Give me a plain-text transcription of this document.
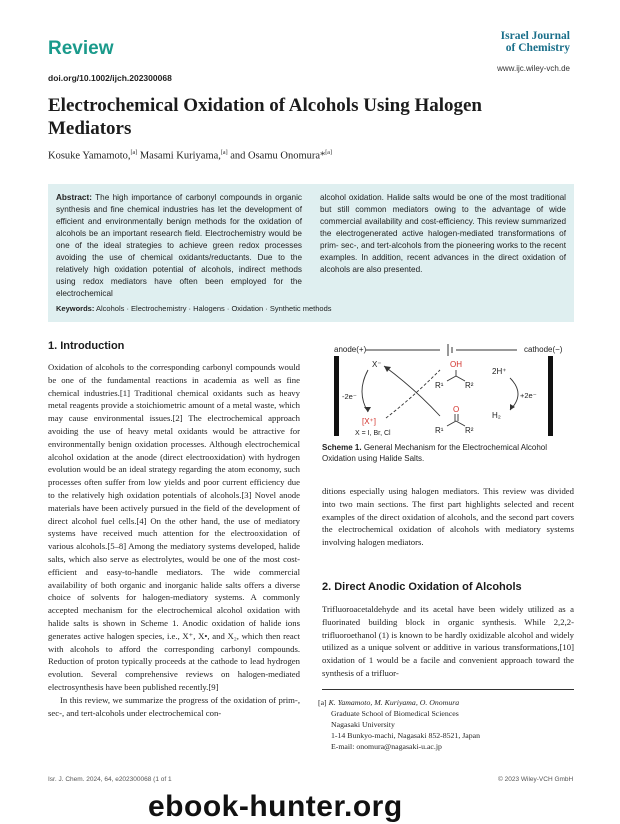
Review
Israel Journal
of Chemistry
doi.org/10.1002/ijch.202300068
www.ijc.wiley-vch.de
Electrochemical Oxidation of Alcohols Using Halogen Mediators
Kosuke Yamamoto,[a] Masami Kuriyama,[a] and Osamu Onomura*[a]
Abstract: The high importance of carbonyl compounds in organic synthesis and fine chemical industries has let the development of efficient and environmentally benign methods for the oxidation of alcohols be an important research field. Electrochemistry would be one of the ideal strategies to achieve green redox processes avoiding the use of chemical oxidants/reductants. Due to the relatively high oxidation potential of alcohols, indirect methods using redox mediators have often been employed for the electrochemical
alcohol oxidation. Halide salts would be one of the most traditional but still common mediators owing to the advantage of wide commercial availability and cost-efficiency. This review summarized the electrogenerated active halogen-mediated transformations of prim- sec-, and tert-alcohols from the pioneering works to the recent examples. In addition, recent advances in the direct oxidation of alcohols are also presented.
Keywords: Alcohols · Electrochemistry · Halogens · Oxidation · Synthetic methods
1. Introduction

Oxidation of alcohols to the corresponding carbonyl compounds would be one of the fundamental reactions in academia as well as fine chemical industries.[1] Traditional chemical oxidants such as heavy metal reagents provide a stoichiometric amount of a metal waste, which may cause environmental issues.[2] The electrochemical approach avoiding the use of heavy metal oxidants would be attractive for environmentally benign oxidation processes. Although electrochemical alcohol oxidation at the anode (direct electrooxidation) with hydrogen evolution would be an ideal strategy regarding the atom economy, such processes often suffer from low yields and poor current efficiency due to the relatively high oxidation potentials of alcohols.[3] Novel anode materials have been actively pursued in the field of the development of direct alcohol fuel cells.[4] On the other hand, the use of mediatory systems have received much attention for the electrooxidation of various alcohols.[5–8] Among the mediatory systems developed, halide salts, which also serve as electrolytes, would be one of the most cost-efficient and easy-to-handle mediators. The wide commercial availability of both organic and inorganic halide salts offers a diverse choice of solvents for halogen-mediatory systems. A commonly accepted mechanism for the electrochemical alcohol oxidation with halide salts is shown in Scheme 1. Anodic oxidation of halide ions generates active halogen species, i.e., X⁺, X•, and X₂, which then react with alcohols to afford the corresponding carbonyl compounds. Reduction of proton typically proceeds at the cathode to lead hydrogen evolution. Several comprehensive reviews on halogen-mediated electrosynthesis have been published recently.[9]

In this review, we summarize the progress of the oxidation of prim-, sec-, and tert-alcohols under electrochemical con-

anode(+)	cathode(−)
X⁻
-2e⁻
[X⁺]
X = I, Br, Cl
OH
R¹	R²
O
R¹	R²
2H⁺
+2e⁻
H₂
Scheme 1. General Mechanism for the Electrochemical Alcohol Oxidation using Halide Salts.

ditions especially using halogen mediators. This review was divided into two main sections. The first part highlights selected and recent examples of the direct oxidation of alcohols, and the second part covers the electrochemical oxidation of alcohols with mediatory systems involving halogen mediators.

2. Direct Anodic Oxidation of Alcohols

Trifluoroacetaldehyde and its acetal have been widely utilized as a fluorinated building block in organic synthesis. While 2,2,2-trifluoroethanol (1) is known to be hardly oxidizable alcohol and widely utilized as a unique solvent or additive in various transformations,[10] oxidation of 1 would be a facile and convenient approach toward the synthesis of a trifluor-

[a] K. Yamamoto, M. Kuriyama, O. Onomura
Graduate School of Biomedical Sciences
Nagasaki University
1-14 Bunkyo-machi, Nagasaki 852-8521, Japan
E-mail: onomura@nagasaki-u.ac.jp
Isr. J. Chem. 2024, 64, e202300068 (1 of 1	© 2023 Wiley-VCH GmbH
ebook-hunter.org
